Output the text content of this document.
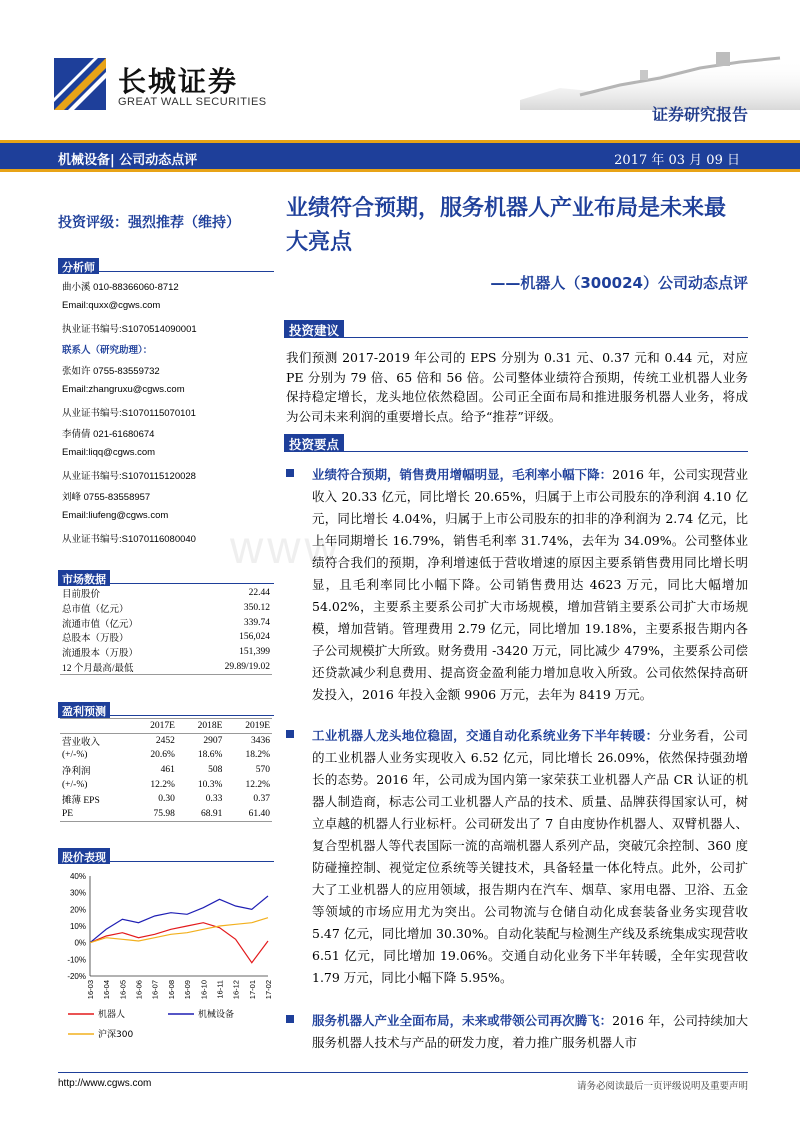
长城证券
GREAT WALL SECURITIES
证券研究报告
机械设备| 公司动态点评	2017 年 03 月 09 日
投资评级：强烈推荐（维持）
分析师
曲小溪 010-88366060-8712
Email:quxx@cgws.com
执业证书编号:S1070514090001
联系人（研究助理）：
张如许 0755-83559732
Email:zhangruxu@cgws.com
从业证书编号:S1070115070101
李倩倩 021-61680674
Email:liqq@cgws.com
从业证书编号:S1070115120028
刘峰 0755-83558957
Email:liufeng@cgws.com
从业证书编号:S1070116080040
市场数据
目前股价	22.44
总市值（亿元）	350.12
流通市值（亿元）	339.74
总股本（万股）	156,024
流通股本（万股）	151,399
12 个月最高/最低	29.89/19.02
盈利预测
	2017E	2018E	2019E
营业收入	2452	2907	3436
(+/-%)	20.6%	18.6%	18.2%
净利润	461	508	570
(+/-%)	12.2%	10.3%	12.2%
摊薄 EPS	0.30	0.33	0.37
PE	75.98	68.91	61.40
股价表现
40%
30%
20%
10%
0%
-10%
-20%
16-03 16-04 16-05 16-06 16-07 16-08 16-09 16-10 16-11 16-12 17-01 17-02
机器人	机械设备
沪深300
业绩符合预期，服务机器人产业布局是未来最大亮点
——机器人（300024）公司动态点评
投资建议
我们预测 2017-2019 年公司的 EPS 分别为 0.31 元、0.37 元和 0.44 元，对应 PE 分别为 79 倍、65 倍和 56 倍。公司整体业绩符合预期，传统工业机器人业务保持稳定增长，龙头地位依然稳固。公司正全面布局和推进服务机器人业务，将成为公司未来利润的重要增长点。给予“推荐”评级。
投资要点
www.
业绩符合预期，销售费用增幅明显，毛利率小幅下降：2016 年，公司实现营业收入 20.33 亿元，同比增长 20.65%，归属于上市公司股东的净利润 4.10 亿元，同比增长 4.04%，归属于上市公司股东的扣非的净利润为 2.74 亿元，比上年同期增长 16.79%，销售毛利率 31.74%，去年为 34.09%。公司整体业绩符合我们的预期，净利增速低于营收增速的原因主要系销售费用同比增长明显，且毛利率同比小幅下降。公司销售费用达 4623 万元，同比大幅增加 54.02%，主要系主要系公司扩大市场规模，增加营销主要系公司扩大市场规模，增加营销。管理费用 2.79 亿元，同比增加 19.18%，主要系报告期内各子公司规模扩大所致。财务费用 -3420 万元，同比减少 479%，主要系公司偿还贷款减少利息费用、提高资金盈利能力增加息收入所致。公司依然保持高研发投入，2016 年投入金额 9906 万元，去年为 8419 万元。
工业机器人龙头地位稳固，交通自动化系统业务下半年转暖：分业务看，公司的工业机器人业务实现收入 6.52 亿元，同比增长 26.09%，依然保持强劲增长的态势。2016 年，公司成为国内第一家荣获工业机器人产品 CR 认证的机器人制造商，标志公司工业机器人产品的技术、质量、品牌获得国家认可，树立卓越的机器人行业标杆。公司研发出了 7 自由度协作机器人、双臂机器人、复合型机器人等代表国际一流的高端机器人系列产品，突破冗余控制、360 度防碰撞控制、视觉定位系统等关键技术，具备轻量一体化特点。此外，公司扩大了工业机器人的应用领域，报告期内在汽车、烟草、家用电器、卫浴、五金等领域的市场应用尤为突出。公司物流与仓储自动化成套装备业务实现营收 5.47 亿元，同比增加 30.30%。自动化装配与检测生产线及系统集成实现营收 6.51 亿元，同比增加 19.06%。交通自动化业务下半年转暖，全年实现营收 1.79 万元，同比小幅下降 5.95%。
服务机器人产业全面布局，未来或带领公司再次腾飞：2016 年，公司持续加大服务机器人技术与产品的研发力度，着力推广服务机器人市
http://www.cgws.com	请务必阅读最后一页评级说明及重要声明
